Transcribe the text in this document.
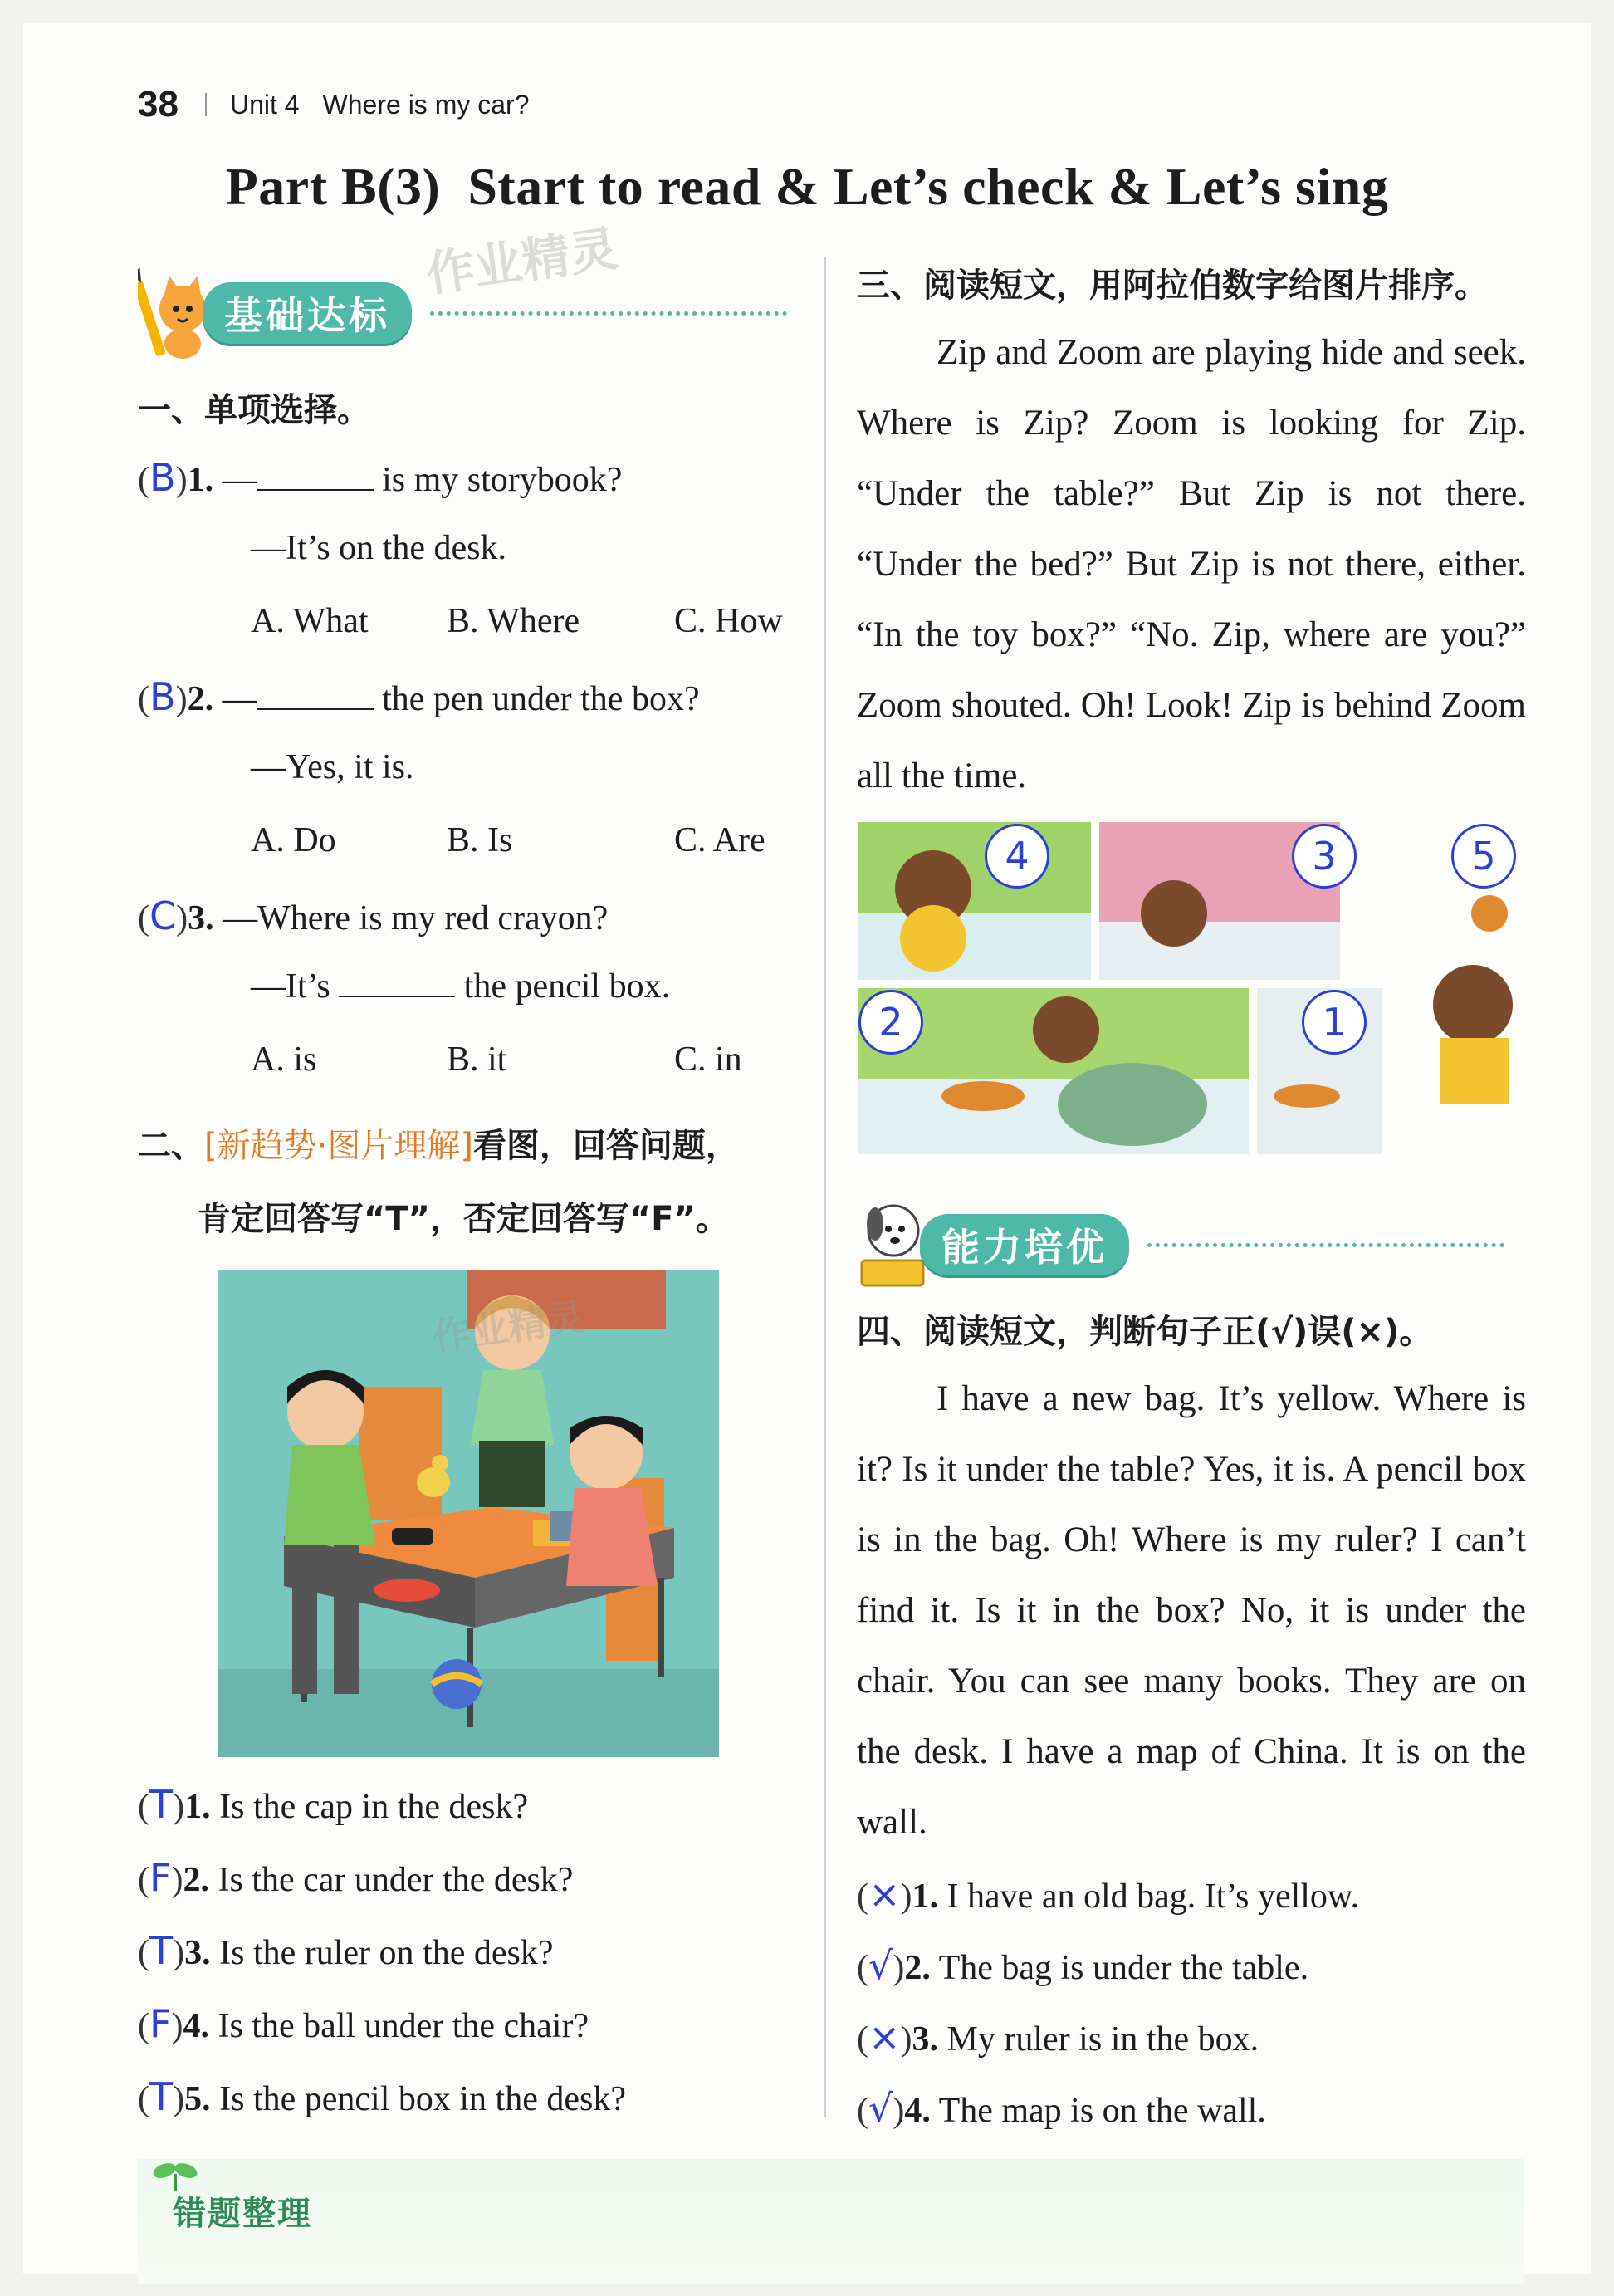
38 Unit 4 Where is my car?
Part B(3)  Start to read & Let’s check & Let’s sing
作业精灵
基础达标
一、单项选择。
(B)1. —	is my storybook?
—It’s on the desk.
A. What B. Where	C. How
(B)2. —	the pen under the box?
—Yes, it is.
A. Do	B. Is	C. Are
(C)3. —Where is my red crayon?
—It’s	the pencil box.
A. is	B. it	C. in
二、[新趋势·图片理解]看图，回答问题，
肯定回答写“T”，否定回答写“F”。
作业精灵
(T)1. Is the cap in the desk?
(F)2. Is the car under the desk?
(T)3. Is the ruler on the desk?
(F)4. Is the ball under the chair?
(T)5. Is the pencil box in the desk?
三、阅读短文，用阿拉伯数字给图片排序。
Zip and Zoom are playing hide and seek. Where is Zip? Zoom is looking for Zip. “Under the table?” But Zip is not there. “Under the bed?” But Zip is not there, either. “In the toy box?” “No. Zip, where are you?” Zoom shouted. Oh! Look! Zip is behind Zoom all the time.
4	3	5
2	1
能力培优
四、阅读短文，判断句子正(√)误(×)。
I have a new bag. It’s yellow. Where is it? Is it under the table? Yes, it is. A pencil box is in the bag. Oh! Where is my ruler? I can’t find it. Is it in the box? No, it is under the chair. You can see many books. They are on the desk. I have a map of China. It is on the wall.
(×)1. I have an old bag. It’s yellow.
(√)2. The bag is under the table.
(×)3. My ruler is in the box.
(√)4. The map is on the wall.
错题整理
